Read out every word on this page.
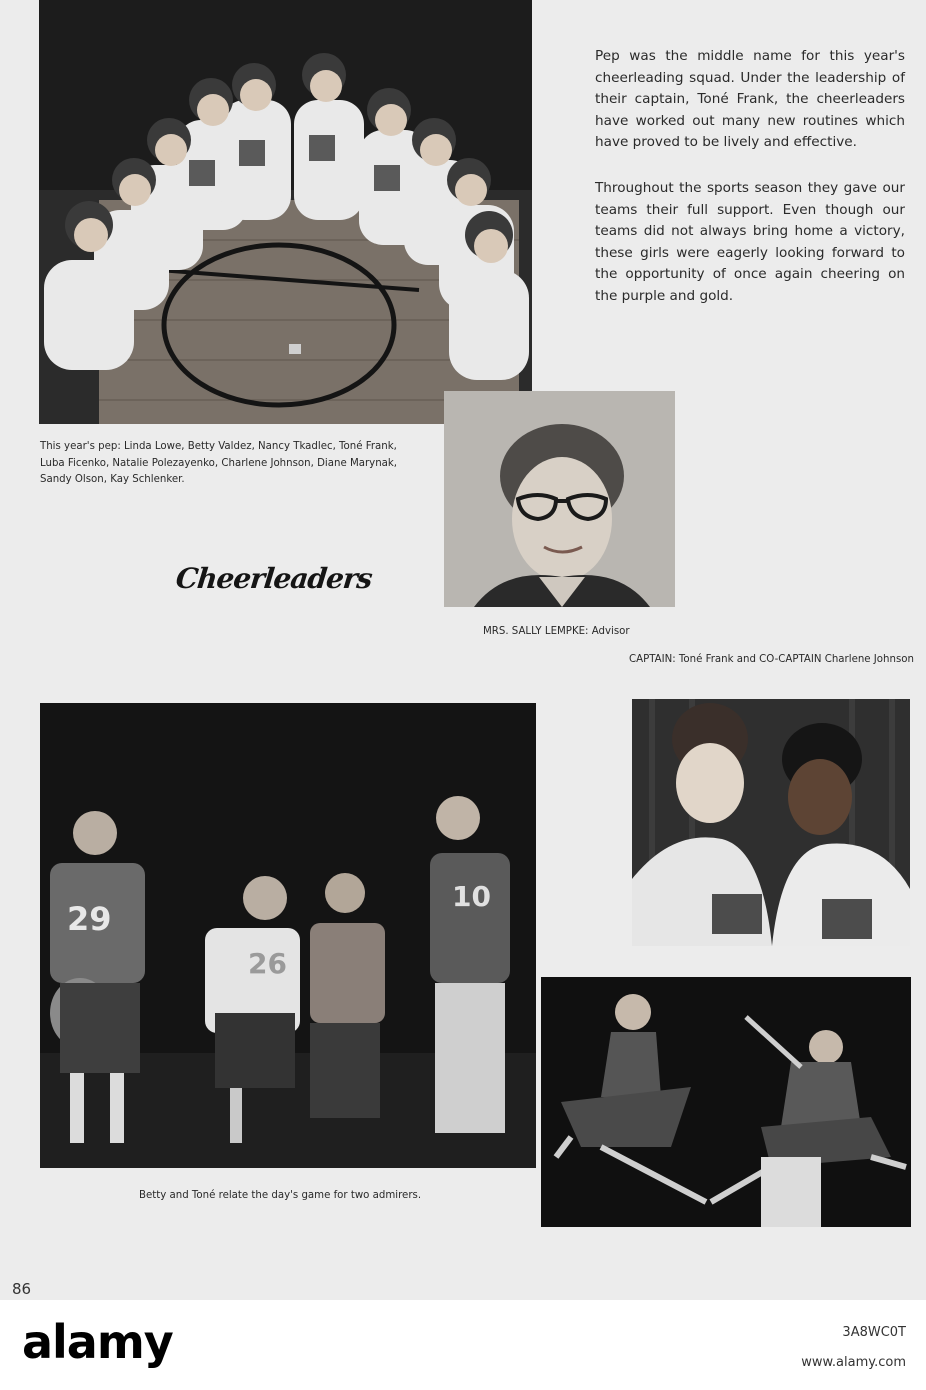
Pep was the middle name for this year's cheerleading squad. Under the leadership of their captain, Toné Frank, the cheerleaders have worked out many new routines which have proved to be lively and effective.

Throughout the sports season they gave our teams their full support. Even though our teams did not always bring home a victory, these girls were eagerly looking forward to the opportunity of once again cheering on the purple and gold.

This year's pep: Linda Lowe, Betty Valdez, Nancy Tkadlec, Toné Frank, Luba Ficenko, Natalie Polezayenko, Charlene Johnson, Diane Marynak, Sandy Olson, Kay Schlenker.

Cheerleaders

MRS. SALLY LEMPKE: Advisor

CAPTAIN: Toné Frank and CO-CAPTAIN Charlene Johnson

29
26
10

Betty and Toné relate the day's game for two admirers.

86
alamy	3A8WC0T
www.alamy.com
